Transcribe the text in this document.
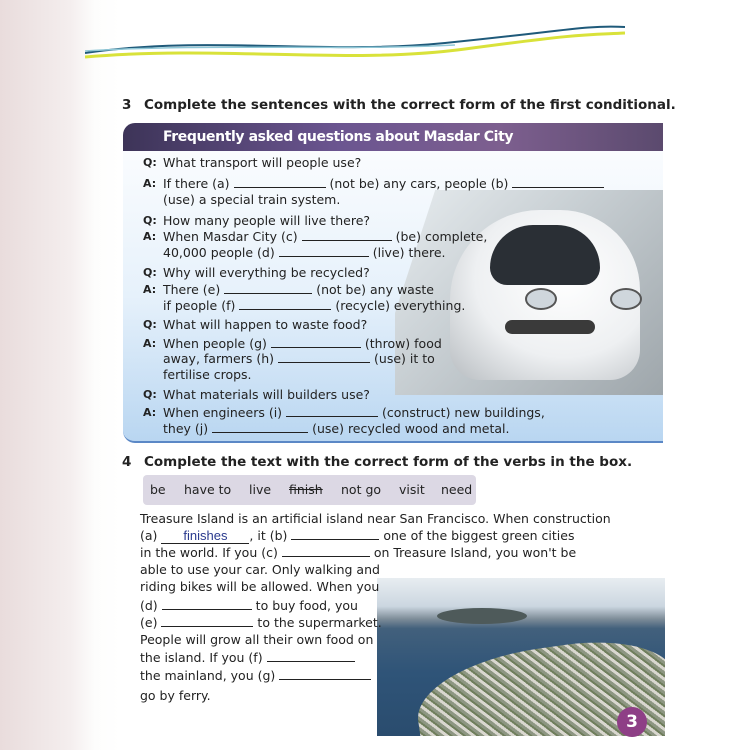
3 Complete the sentences with the correct form of the first conditional.
Frequently asked questions about Masdar City
Q: What transport will people use?
A: If there (a)	(not be) any cars, people (b)
(use) a special train system.
Q: How many people will live there?
A: When Masdar City (c)	(be) complete,
40,000 people (d)	(live) there.
Q: Why will everything be recycled?
A: There (e)	(not be) any waste
if people (f)	(recycle) everything.
Q: What will happen to waste food?
A: When people (g)	(throw) food
away, farmers (h)	(use) it to
fertilise crops.
Q: What materials will builders use?
A: When engineers (i)	(construct) new buildings,
they (j)	(use) recycled wood and metal.
4 Complete the text with the correct form of the verbs in the box.
be have to live finish not go visit need
Treasure Island is an artificial island near San Francisco. When construction
(a) finishes , it (b)	one of the biggest green cities
in the world. If you (c)	on Treasure Island, you won't be
able to use your car. Only walking and
riding bikes will be allowed. When you
(d)	to buy food, you
(e)	to the supermarket.
People will grow all their own food on
the island. If you (f)
the mainland, you (g)
go by ferry.
3
